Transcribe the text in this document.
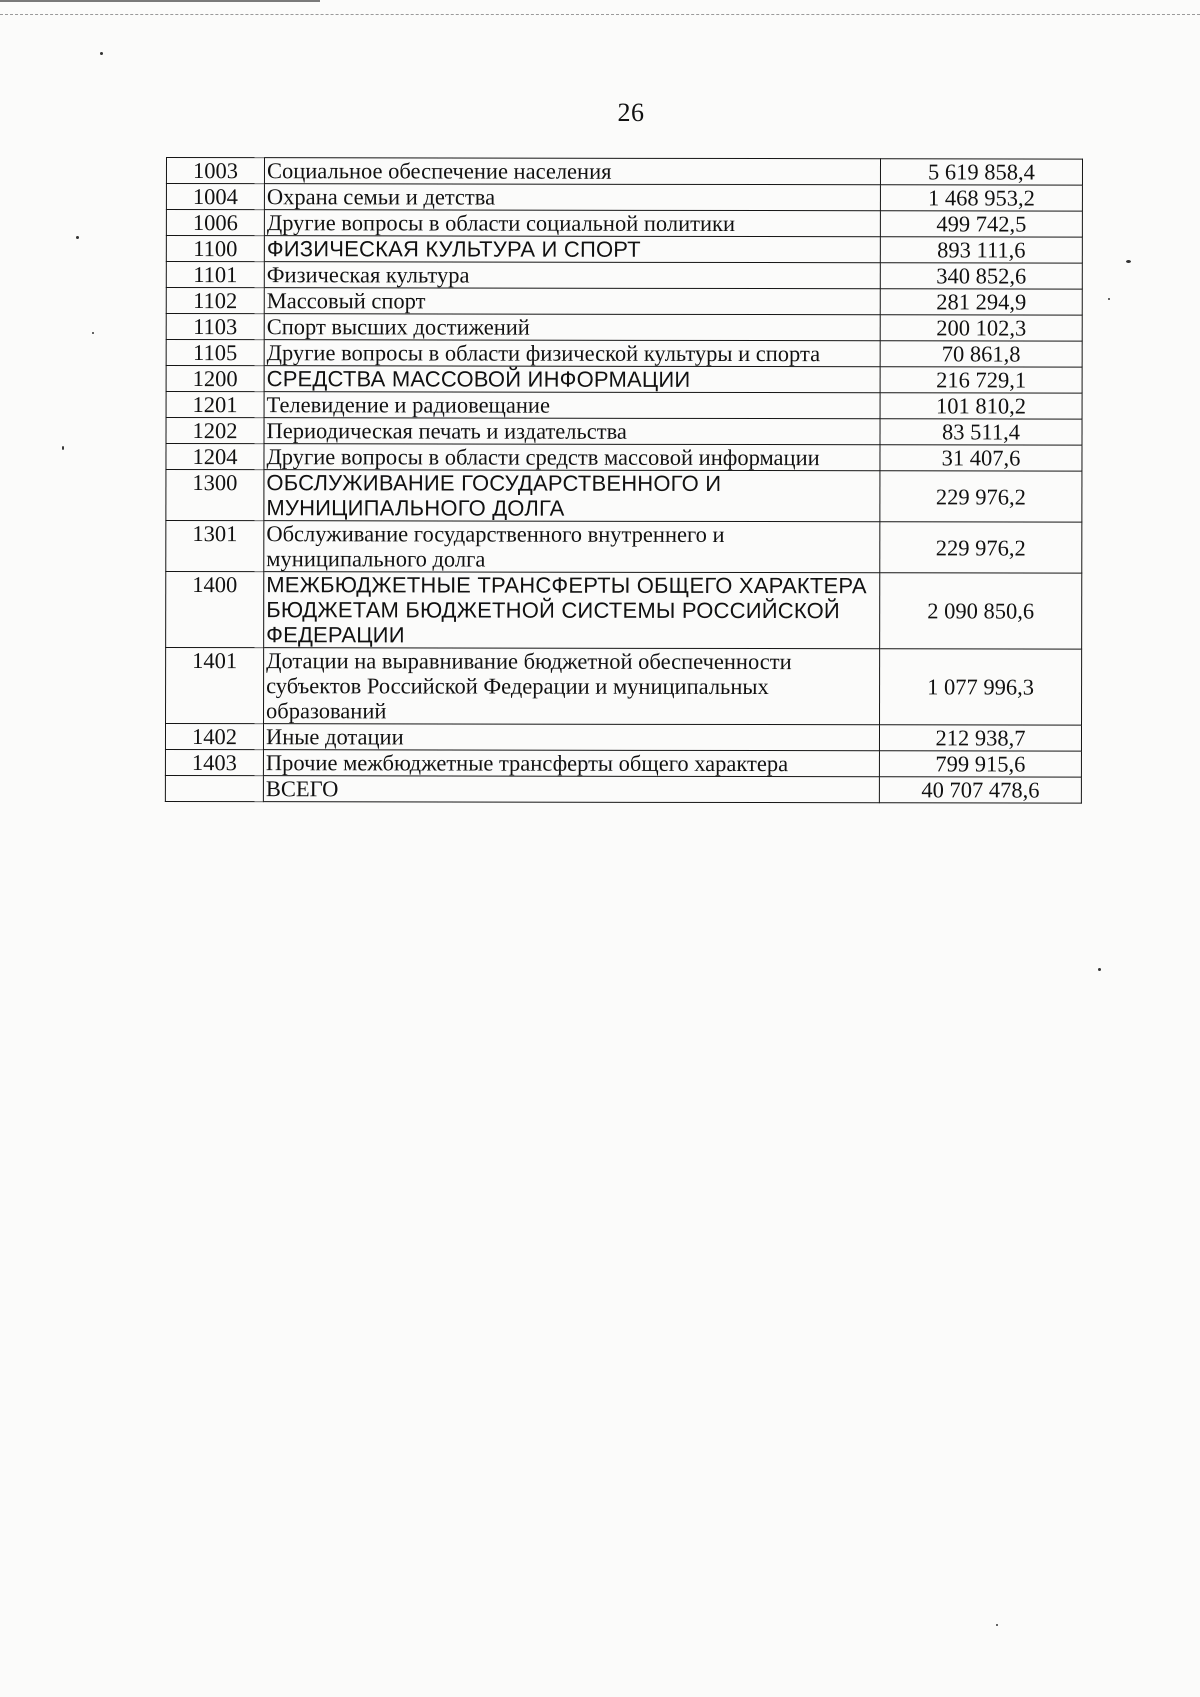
26
1003	Социальное обеспечение населения	5 619 858,4
1004	Охрана семьи и детства	1 468 953,2
1006	Другие вопросы в области социальной политики	499 742,5
1100	ФИЗИЧЕСКАЯ КУЛЬТУРА И СПОРТ	893 111,6
1101	Физическая культура	340 852,6
1102	Массовый спорт	281 294,9
1103	Спорт высших достижений	200 102,3
1105	Другие вопросы в области физической культуры и спорта	70 861,8
1200	СРЕДСТВА МАССОВОЙ ИНФОРМАЦИИ	216 729,1
1201	Телевидение и радиовещание	101 810,2
1202	Периодическая печать и издательства	83 511,4
1204	Другие вопросы в области средств массовой информации	31 407,6
1300	ОБСЛУЖИВАНИЕ ГОСУДАРСТВЕННОГО И МУНИЦИПАЛЬНОГО ДОЛГА	229 976,2
1301	Обслуживание государственного внутреннего и муниципального долга	229 976,2
1400	МЕЖБЮДЖЕТНЫЕ ТРАНСФЕРТЫ ОБЩЕГО ХАРАКТЕРА БЮДЖЕТАМ БЮДЖЕТНОЙ СИСТЕМЫ РОССИЙСКОЙ ФЕДЕРАЦИИ	2 090 850,6
1401	Дотации на выравнивание бюджетной обеспеченности субъектов Российской Федерации и муниципальных образований	1 077 996,3
1402	Иные дотации	212 938,7
1403	Прочие межбюджетные трансферты общего характера	799 915,6
	ВСЕГО	40 707 478,6
